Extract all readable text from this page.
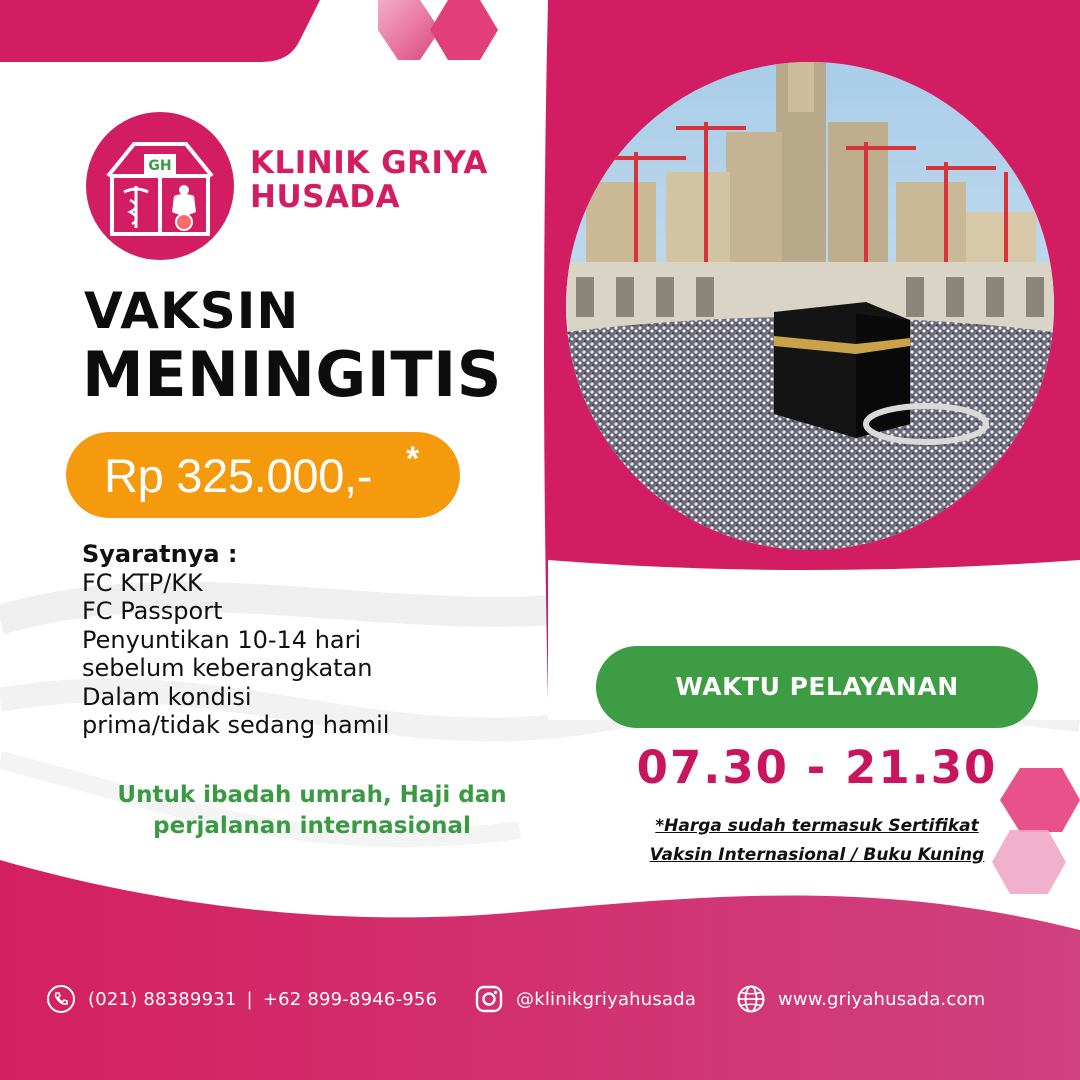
GH	KLINIK GRIYA
HUSADA
VAKSIN
MENINGITIS
Rp 325.000,- *
Syaratnya :
FC KTP/KK
FC Passport
Penyuntikan 10-14 hari
sebelum keberangkatan
Dalam kondisi
prima/tidak sedang hamil
Untuk ibadah umrah, Haji dan
perjalanan internasional
WAKTU PELAYANAN
07.30 - 21.30
*Harga sudah termasuk Sertifikat
Vaksin Internasional / Buku Kuning
(021) 88389931 | +62 899-8946-956	@klinikgriyahusada	www.griyahusada.com
